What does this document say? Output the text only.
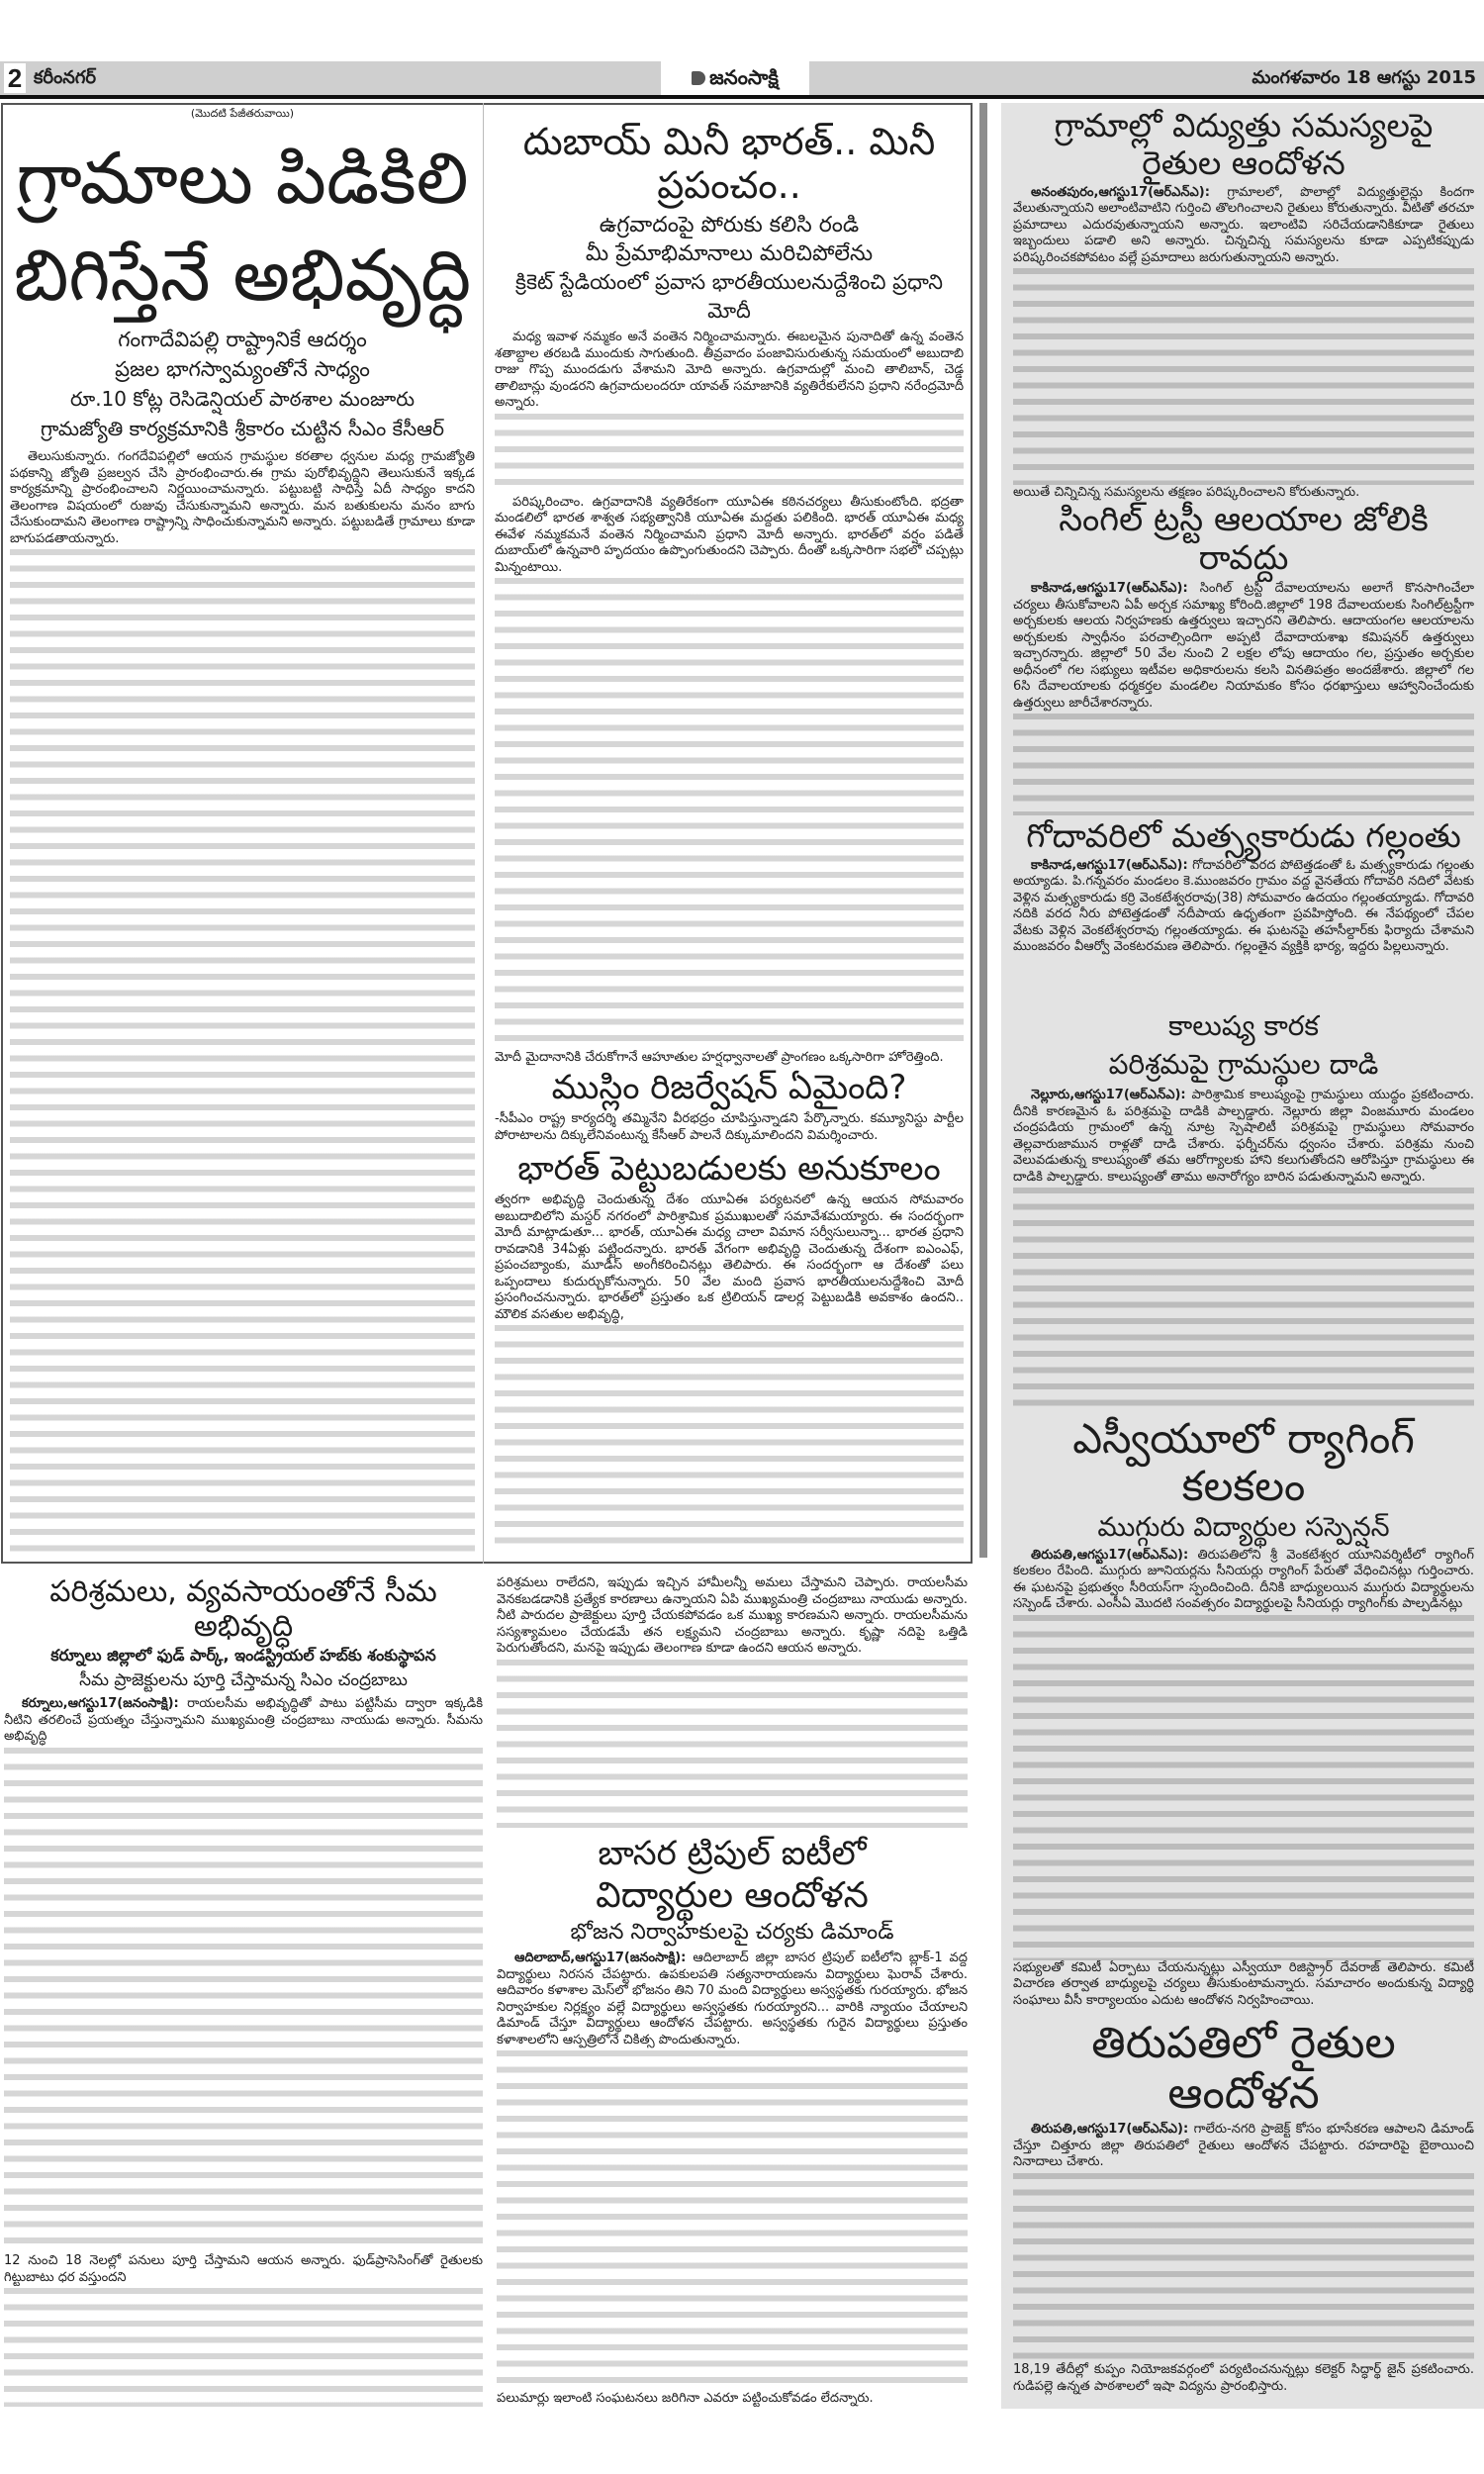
2 కరీంనగర్	జనంసాక్షి	మంగళవారం 18 ఆగస్టు 2015
(మొదటి పేజీతరువాయి)
గ్రామాలు పిడికిలి
బిగిస్తేనే అభివృద్ధి
గంగాదేవిపల్లి రాష్ట్రానికే ఆదర్శం
ప్రజల భాగస్వామ్యంతోనే సాధ్యం
రూ.10 కోట్ల రెసిడెన్షియల్ పాఠశాల మంజూరు
గ్రామజ్యోతి కార్యక్రమానికి శ్రీకారం చుట్టిన సీఎం కేసీఆర్
తెలుసుకున్నారు. గంగదేవిపల్లిలో ఆయన గ్రామస్థుల కరతాల ధ్వనుల మధ్య గ్రామజ్యోతి పథకాన్ని జ్యోతి ప్రజల్వన చేసి ప్రారంభించారు.ఈ గ్రామ పురోభివృద్దిని తెలుసుకునే ఇక్కడ కార్యక్రమాన్ని ప్రారంభించాలని నిర్ణయించామన్నారు. పట్టుబట్టి సాధిస్తే ఏదీ సాధ్యం కాదని తెలంగాణ విషయంలో రుజువు చేసుకున్నామని అన్నారు. మన బతుకులను మనం బాగు చేసుకుందామని తెలంగాణ రాష్ట్రాన్ని సాధించుకున్నామని అన్నారు. పట్టుబడితే గ్రామాలు కూడా బాగుపడతాయన్నారు.
దుబాయ్ మినీ భారత్.. మినీ ప్రపంచం..
ఉగ్రవాదంపై పోరుకు కలిసి రండి
మీ ప్రేమాభిమానాలు మరిచిపోలేను
క్రికెట్ స్టేడియంలో ప్రవాస భారతీయులనుద్దేశించి ప్రధాని మోదీ
మధ్య ఇవాళ నమ్మకం అనే వంతెన నిర్మించామన్నారు. ఈబలమైన పునాదితో ఉన్న వంతెన శతాబ్దాల తరబడి ముందుకు సాగుతుంది. తీవ్రవాదం పంజావిసురుతున్న సమయంలో అబుదాబి రాజు గొప్ప ముందడుగు వేశామని మోది అన్నారు. ఉగ్రవాదుల్లో మంచి తాలిబాన్, చెడ్డ తాలిబాన్లు వుండరని ఉగ్రవాదులందరూ యావత్ సమాజానికి వ్యతిరేకులేనని ప్రధాని నరేంద్రమోదీ అన్నారు.
పరిష్కరించాం. ఉగ్రవాదానికి వ్యతిరేకంగా యూఏఈ కఠినచర్యలు తీసుకుంటోంది. భద్రతా మండలిలో భారత శాశ్వత సభ్యత్వానికి యూఏఈ మద్దతు పలికింది. భారత్ యూఏఈ మధ్య ఈవేళ నమ్మకమనే వంతెన నిర్మించామని ప్రధాని మోదీ అన్నారు. భారత్‌లో వర్షం పడితే దుబాయ్‌లో ఉన్నవారి హృదయం ఉప్పొంగుతుందని చెప్పారు. దీంతో ఒక్కసారిగా సభలో చప్పట్లు మిన్నంటాయి.
మోదీ మైదానానికి చేరుకోగానే ఆహూతుల హర్షధ్వానాలతో ప్రాంగణం ఒక్కసారిగా హోరెత్తింది.
ముస్లిం రిజర్వేషన్ ఏమైంది?
-సీపీఎం రాష్ట్ర కార్యదర్శి తమ్మినేని వీరభద్రం చూపిస్తున్నాడని పేర్కొన్నారు. కమ్యూనిస్టు పార్టీల పోరాటాలను దిక్కులేనివంటున్న కేసీఆర్ పాలనే దిక్కుమాలిందని విమర్శించారు.
భారత్ పెట్టుబడులకు అనుకూలం
త్వరగా అభివృద్ధి చెందుతున్న దేశం యూఏఈ పర్యటనలో ఉన్న ఆయన సోమవారం అబుదాబిలోని మస్దర్ నగరంలో పారిశ్రామిక ప్రముఖులతో సమావేశమయ్యారు. ఈ సందర్భంగా మోదీ మాట్లాడుతూ... భారత్, యూఏఈ మధ్య చాలా విమాన సర్వీసులున్నా... భారత ప్రధాని రావడానికి 34ఏళ్లు పట్టిందన్నారు. భారత్ వేగంగా అభివృద్ధి చెందుతున్న దేశంగా ఐఎంఎఫ్, ప్రపంచబ్యాంకు, మూడీస్ అంగీకరించినట్లు తెలిపారు. ఈ సందర్భంగా ఆ దేశంతో పలు ఒప్పందాలు కుదుర్చుకోనున్నారు. 50 వేల మంది ప్రవాస భారతీయులనుద్దేశించి మోదీ ప్రసంగించనున్నారు. భారత్‌లో ప్రస్తుతం ఒక ట్రిలియన్ డాలర్ల పెట్టుబడికి అవకాశం ఉందని.. మౌలిక వసతుల అభివృద్ధి,
గ్రామాల్లో విద్యుత్తు సమస్యలపై రైతుల ఆందోళన
అనంతపురం,ఆగస్టు17(ఆర్ఎన్ఎ): గ్రామాలలో, పొలాల్లో విద్యుత్తులైన్లు కిందగా వేలుతున్నాయని అలాంటివాటిని గుర్తించి తొలగించాలని రైతులు కోరుతున్నారు. వీటితో తరచూ ప్రమాదాలు ఎదురవుతున్నాయని అన్నారు. ఇలాంటివి సరిచేయడానికికూడా రైతులు ఇబ్బందులు పడాలి అని అన్నారు. చిన్నచిన్న సమస్యలను కూడా ఎప్పటికప్పుడు పరిష్కరించకపోవటం వల్లే ప్రమాదాలు జరుగుతున్నాయని అన్నారు.
అయితే చిన్నిచిన్న సమస్యలను తక్షణం పరిష్కరించాలని కోరుతున్నారు.
సింగిల్ ట్రస్టీ ఆలయాల జోలికి రావద్దు
కాకినాడ,ఆగస్టు17(ఆర్ఎన్ఎ): సింగిల్ ట్రస్టీ దేవాలయాలను అలాగే కొనసాగించేలా చర్యలు తీసుకోవాలని ఏపీ అర్చక సమాఖ్య కోరింది.జిల్లాలో 198 దేవాలయలకు సింగిల్‌ట్రస్టీగా అర్చకులకు ఆలయ నిర్వహణకు ఉత్తర్వులు ఇచ్చారని తెలిపారు. ఆదాయంగల ఆలయాలను అర్చకులకు స్వాధీనం పరచాల్సిందిగా అప్పటి దేవాదాయశాఖ కమిషనర్ ఉత్తర్వులు ఇచ్చారన్నారు. జిల్లాలో 50 వేల నుంచి 2 లక్షల లోపు ఆదాయం గల, ప్రస్తుతం అర్చకుల అధీనంలో గల సభ్యులు ఇటీవల అధికారులను కలసి వినతిపత్రం అందజేశారు. జిల్లాలో గల 6సి దేవాలయాలకు ధర్మకర్తల మండలిల నియామకం కోసం ధరఖాస్తులు ఆహ్వానించేందుకు ఉత్తర్వులు జారీచేశారన్నారు.
గోదావరిలో మత్స్యకారుడు గల్లంతు
కాకినాడ,ఆగస్టు17(ఆర్ఎన్ఎ): గోదావరిలో వరద పోటెత్తడంతో ఓ మత్స్యకారుడు గల్లంతు అయ్యాడు. పి.గన్నవరం మండలం కె.ముంజవరం గ్రామం వద్ద వైనతేయ గోదావరి నదిలో వేటకు వెళ్లిన మత్స్యకారుడు కర్రి వెంకటేశ్వరరావు(38) సోమవారం ఉదయం గల్లంతయ్యాడు. గోదావరి నదికి వరద నీరు పోటెత్తడంతో నదీపాయ ఉధృతంగా ప్రవహిస్తోంది. ఈ నేపథ్యంలో చేపల వేటకు వెళ్లిన వెంకటేశ్వరరావు గల్లంతయ్యాడు. ఈ ఘటనపై తహసీల్దార్‌కు ఫిర్యాదు చేశామని ముంజవరం వీఆర్వో వెంకటరమణ తెలిపారు. గల్లంతైన వ్యక్తికి భార్య, ఇద్దరు పిల్లలున్నారు.
కాలుష్య కారక
పరిశ్రమపై గ్రామస్థుల దాడి
నెల్లూరు,ఆగస్టు17(ఆర్ఎన్ఎ): పారిశ్రామిక కాలుష్యంపై గ్రామస్థులు యుద్ధం ప్రకటించారు. దీనికి కారణమైన ఓ పరిశ్రమపై దాడికి పాల్పడ్డారు. నెల్లూరు జిల్లా వింజమూరు మండలం చంద్రపడియ గ్రామంలో ఉన్న నూట్ర స్పెషాలిటీ పరిశ్రమపై గ్రామస్థులు సోమవారం తెల్లవారుజామున రాళ్లతో దాడి చేశారు. ఫర్నీచర్‌ను ధ్వంసం చేశారు. పరిశ్రమ నుంచి వెలువడుతున్న కాలుష్యంతో తమ ఆరోగ్యాలకు హాని కలుగుతోందని ఆరోపిస్తూ గ్రామస్థులు ఈ దాడికి పాల్పడ్డారు. కాలుష్యంతో తాము అనారోగ్యం బారిన పడుతున్నామని అన్నారు.
ఎస్వీయూలో ర్యాగింగ్ కలకలం
ముగ్గురు విద్యార్థుల సస్పెన్షన్
తిరుపతి,ఆగస్టు17(ఆర్ఎన్ఎ): తిరుపతిలోని శ్రీ వెంకటేశ్వర యూనివర్శిటీలో ర్యాగింగ్ కలకలం రేపింది. ముగ్గురు జూనియర్లను సీనియర్లు ర్యాగింగ్ పేరుతో వేధించినట్లు గుర్తించారు. ఈ ఘటనపై ప్రభుత్వం సీరియస్‌గా స్పందించింది. దీనికి బాధ్యులయిన ముగ్గురు విద్యార్థులను సస్పెండ్ చేశారు. ఎంసీఏ మొదటి సంవత్సరం విద్యార్థులపై సీనియర్లు ర్యాగింగ్‌కు పాల్పడినట్లు
సభ్యులతో కమిటీ ఏర్పాటు చేయనున్నట్లు ఎస్వీయూ రిజిస్ట్రార్ దేవరాజ్ తెలిపారు. కమిటీ విచారణ తర్వాత బాధ్యులపై చర్యలు తీసుకుంటామన్నారు. సమాచారం అందుకున్న విద్యార్థి సంఘాలు వీసీ కార్యాలయం ఎదుట ఆందోళన నిర్వహించాయి.
తిరుపతిలో రైతుల ఆందోళన
తిరుపతి,ఆగస్టు17(ఆర్ఎన్ఎ): గాలేరు-నగరి ప్రాజెక్ట్ కోసం భూసేకరణ ఆపాలని డిమాండ్ చేస్తూ చిత్తూరు జిల్లా తిరుపతిలో రైతులు ఆందోళన చేపట్టారు. రహదారిపై బైఠాయించి నినాదాలు చేశారు.
18,19 తేదీల్లో కుప్పం నియోజకవర్గంలో పర్యటించనున్నట్లు కలెక్టర్ సిద్ధార్థ్ జైన్ ప్రకటించారు. గుడిపల్లె ఉన్నత పాఠశాలలో ఇషా విద్యను ప్రారంభిస్తారు.
పరిశ్రమలు, వ్యవసాయంతోనే సీమ అభివృద్ధి
కర్నూలు జిల్లాలో ఫుడ్ పార్క్, ఇండస్ట్రియల్ హబ్‌కు శంకుస్థాపన
సీమ ప్రాజెక్టులను పూర్తి చేస్తామన్న సిఎం చంద్రబాబు
కర్నూలు,ఆగస్టు17(జనంసాక్షి): రాయలసీమ అభివృద్ధితో పాటు పట్టిసీమ ద్వారా ఇక్కడికి నీటిని తరలించే ప్రయత్నం చేస్తున్నామని ముఖ్యమంత్రి చంద్రబాబు నాయుడు అన్నారు. సీమను అభివృద్ధి
12 నుంచి 18 నెలల్లో పనులు పూర్తి చేస్తామని ఆయన అన్నారు. ఫుడ్‌ప్రాసెసింగ్‌తో రైతులకు గిట్టుబాటు ధర వస్తుందని
పరిశ్రమలు రాలేదని, ఇప్పుడు ఇచ్చిన హామీలన్నీ అమలు చేస్తామని చెప్పారు. రాయలసీమ వెనకబడడానికి ప్రత్యేక కారణాలు ఉన్నాయని ఏపి ముఖ్యమంత్రి చంద్రబాబు నాయుడు అన్నారు. నీటి పారుదల ప్రాజెక్టులు పూర్తి చేయకపోవడం ఒక ముఖ్య కారణమని అన్నారు. రాయలసీమను సస్యశ్యామలం చేయడమే తన లక్ష్యమని చంద్రబాబు అన్నారు. కృష్ణా నదిపై ఒత్తిడి పెరుగుతోందని, మనపై ఇప్పుడు తెలంగాణ కూడా ఉందని ఆయన అన్నారు.
బాసర ట్రిపుల్ ఐటీలో
విద్యార్థుల ఆందోళన
భోజన నిర్వాహకులపై చర్యకు డిమాండ్
ఆదిలాబాద్,ఆగస్టు17(జనంసాక్షి): ఆదిలాబాద్ జిల్లా బాసర ట్రిపుల్ ఐటీలోని బ్లాక్-1 వద్ద విద్యార్థులు నిరసన చేపట్టారు. ఉపకులపతి సత్యనారాయణను విద్యార్థులు ఘెరావ్ చేశారు. ఆదివారం కళాశాల మెస్‌లో భోజనం తిని 70 మంది విద్యార్థులు అస్వస్థతకు గురయ్యారు. భోజన నిర్వాహకుల నిర్లక్ష్యం వల్లే విద్యార్థులు అస్వస్థతకు గురయ్యారని... వారికి న్యాయం చేయాలని డిమాండ్ చేస్తూ విద్యార్థులు ఆందోళన చేపట్టారు. అస్వస్థతకు గురైన విద్యార్థులు ప్రస్తుతం కళాశాలలోని ఆస్పత్రిలోనే చికిత్స పొందుతున్నారు.
పలుమార్లు ఇలాంటి సంఘటనలు జరిగినా ఎవరూ పట్టించుకోవడం లేదన్నారు.
